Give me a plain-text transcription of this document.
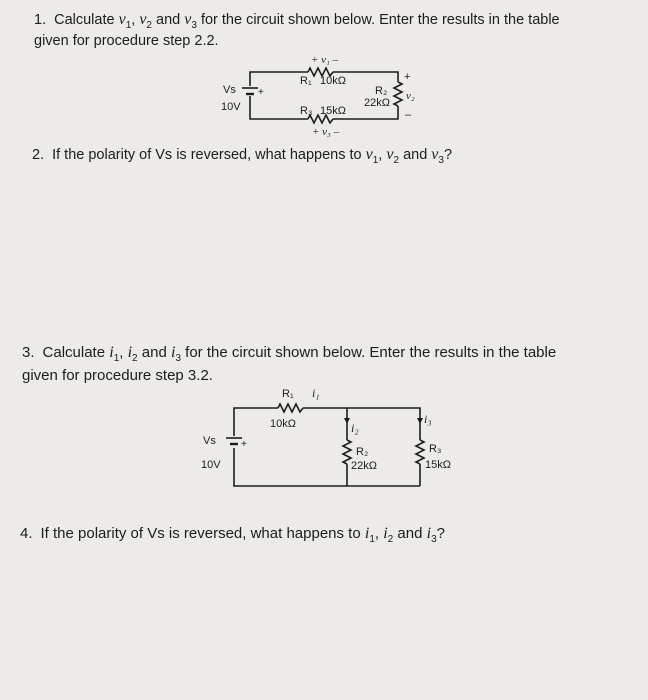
1. Calculate $v_1$, $v_2$ and $v_3$ for the circuit shown below. Enter the results in the table
given for procedure step 2.2.
Vs +
10V
+ v₁ –
R₁ 10kΩ
R₂
22kΩ
+
v₂
–
R₃ 15kΩ
+ v₃ –
2. If the polarity of Vs is reversed, what happens to $v_1$, $v_2$ and $v_3$?
3. Calculate $i_1$, $i_2$ and $i_3$ for the circuit shown below. Enter the results in the table
given for procedure step 3.2.
R₁ i₁
10kΩ	i₂
i₃
Vs	+
10V
R₂
22kΩ
R₃
15kΩ
4. If the polarity of Vs is reversed, what happens to $i_1$, $i_2$ and $i_3$?
